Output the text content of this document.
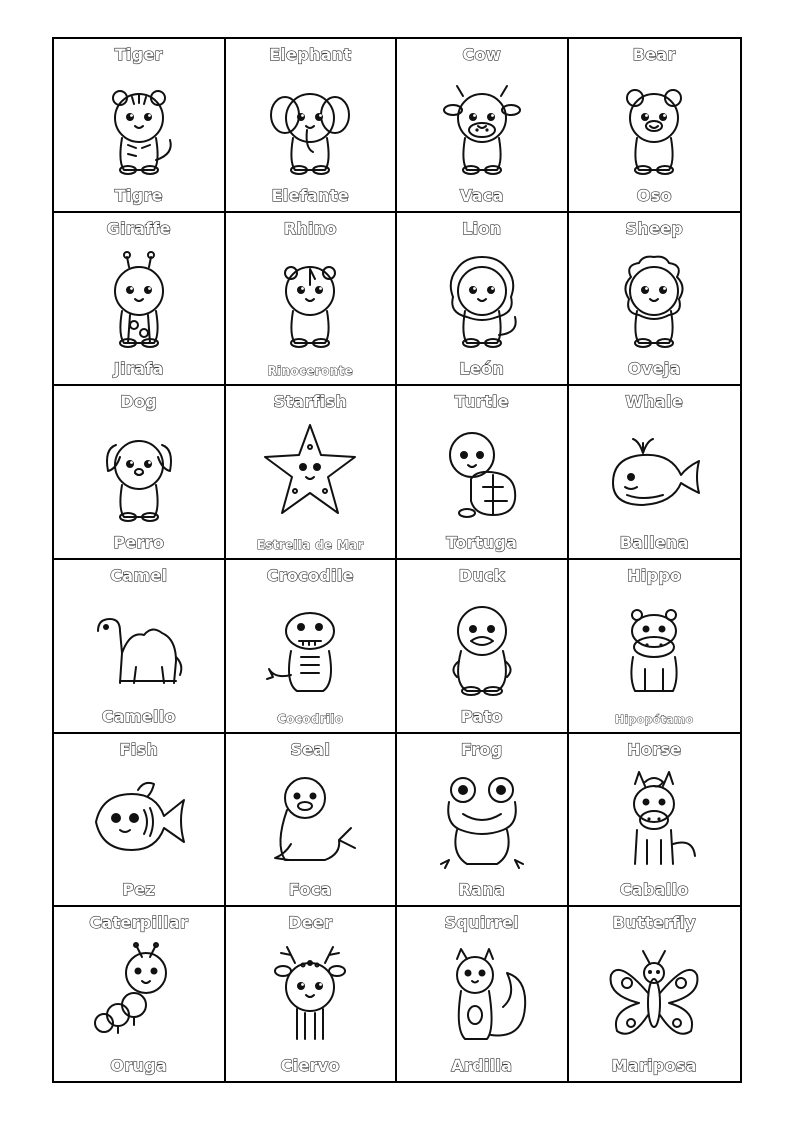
Tiger
Tigre
Elephant
Elefante
Cow
Vaca
Bear
Oso
Giraffe
Jirafa
Rhino
Rinoceronte
Lion
León
Sheep
Oveja
Dog
Perro
Starfish
Estrella de Mar
Turtle
Tortuga
Whale
Ballena
Camel
Camello
Crocodile
Cocodrilo
Duck
Pato
Hippo
Hipopótamo
Fish
Pez
Seal
Foca
Frog
Rana
Horse
Caballo
Caterpillar
Oruga
Deer
Ciervo
Squirrel
Ardilla
Butterfly
Mariposa
